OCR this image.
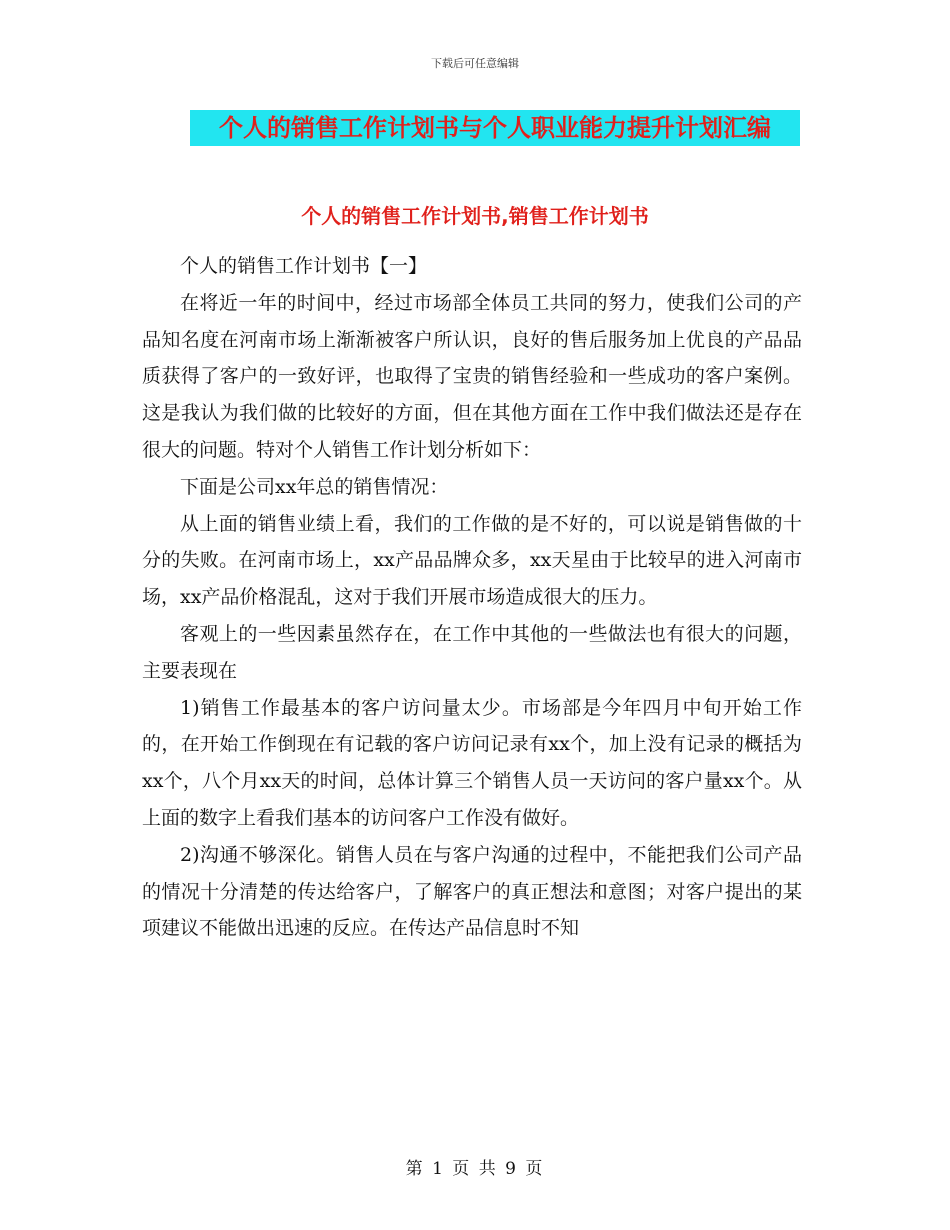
下载后可任意编辑
个人的销售工作计划书与个人职业能力提升计划汇编
个人的销售工作计划书,销售工作计划书

个人的销售工作计划书【一】

在将近一年的时间中，经过市场部全体员工共同的努力，使我们公司的产品知名度在河南市场上渐渐被客户所认识，良好的售后服务加上优良的产品品质获得了客户的一致好评，也取得了宝贵的销售经验和一些成功的客户案例。这是我认为我们做的比较好的方面，但在其他方面在工作中我们做法还是存在很大的问题。特对个人销售工作计划分析如下：

下面是公司xx年总的销售情况：

从上面的销售业绩上看，我们的工作做的是不好的，可以说是销售做的十分的失败。在河南市场上，xx产品品牌众多，xx天星由于比较早的进入河南市场，xx产品价格混乱，这对于我们开展市场造成很大的压力。

客观上的一些因素虽然存在，在工作中其他的一些做法也有很大的问题，主要表现在

1)销售工作最基本的客户访问量太少。市场部是今年四月中旬开始工作的，在开始工作倒现在有记载的客户访问记录有xx个，加上没有记录的概括为xx个，八个月xx天的时间，总体计算三个销售人员一天访问的客户量xx个。从上面的数字上看我们基本的访问客户工作没有做好。

2)沟通不够深化。销售人员在与客户沟通的过程中，不能把我们公司产品的情况十分清楚的传达给客户，了解客户的真正想法和意图；对客户提出的某项建议不能做出迅速的反应。在传达产品信息时不知

第 1 页 共 9 页
